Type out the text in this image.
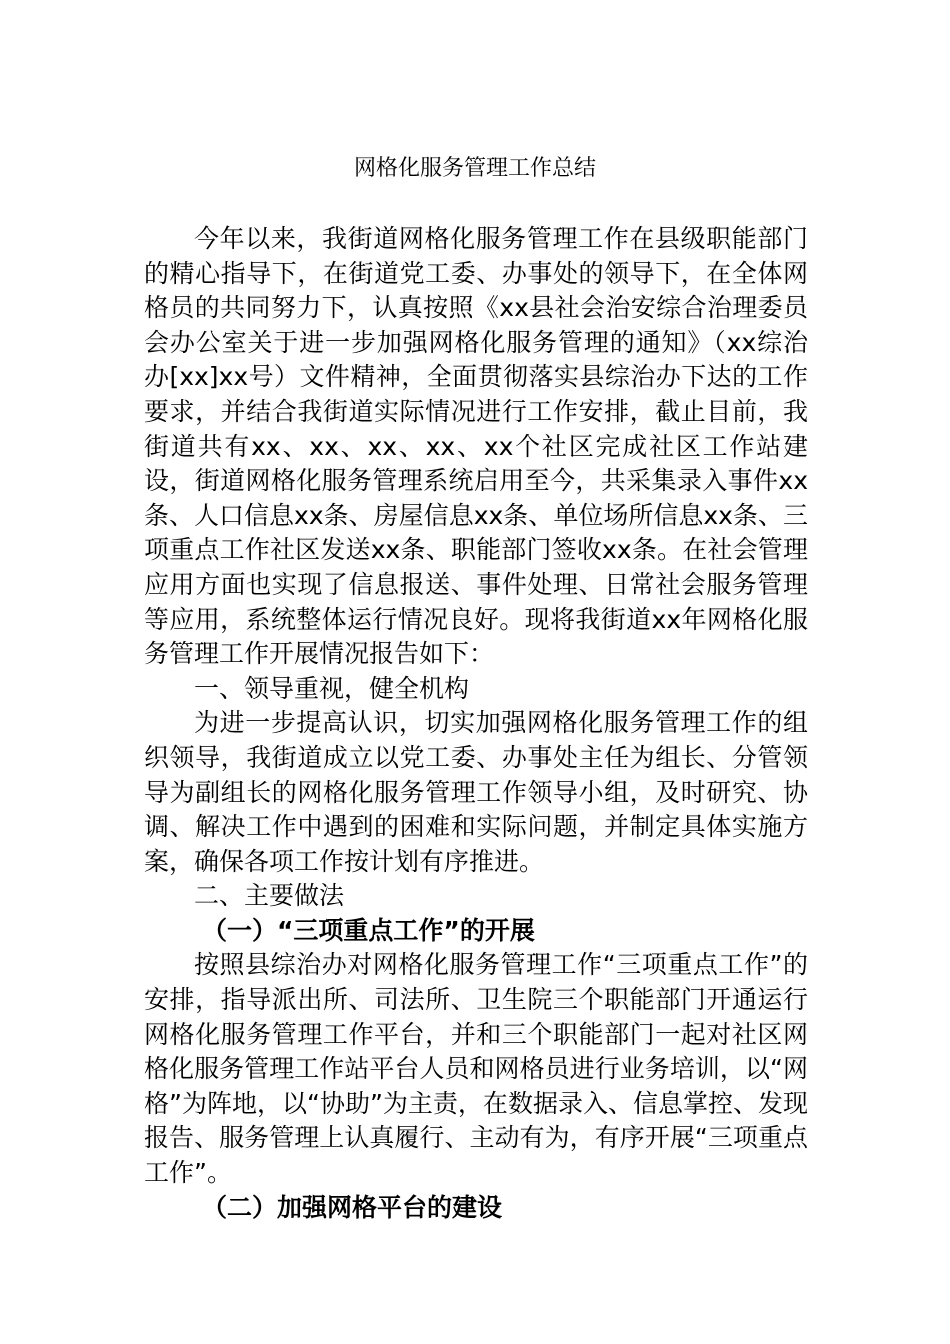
网格化服务管理工作总结

今年以来，我街道网格化服务管理工作在县级职能部门的精心指导下，在街道党工委、办事处的领导下，在全体网格员的共同努力下，认真按照《xx县社会治安综合治理委员会办公室关于进一步加强网格化服务管理的通知》（xx综治办[xx]xx号）文件精神，全面贯彻落实县综治办下达的工作要求，并结合我街道实际情况进行工作安排，截止目前，我街道共有xx、xx、xx、xx、xx个社区完成社区工作站建设，街道网格化服务管理系统启用至今，共采集录入事件xx条、人口信息xx条、房屋信息xx条、单位场所信息xx条、三项重点工作社区发送xx条、职能部门签收xx条。在社会管理应用方面也实现了信息报送、事件处理、日常社会服务管理等应用，系统整体运行情况良好。现将我街道xx年网格化服务管理工作开展情况报告如下：

一、领导重视，健全机构

为进一步提高认识，切实加强网格化服务管理工作的组织领导，我街道成立以党工委、办事处主任为组长、分管领导为副组长的网格化服务管理工作领导小组，及时研究、协调、解决工作中遇到的困难和实际问题，并制定具体实施方案，确保各项工作按计划有序推进。

二、主要做法

（一）“三项重点工作”的开展

按照县综治办对网格化服务管理工作“三项重点工作”的安排，指导派出所、司法所、卫生院三个职能部门开通运行网格化服务管理工作平台，并和三个职能部门一起对社区网格化服务管理工作站平台人员和网格员进行业务培训，以“网格”为阵地，以“协助”为主责，在数据录入、信息掌控、发现报告、服务管理上认真履行、主动有为，有序开展“三项重点工作”。

（二）加强网格平台的建设
